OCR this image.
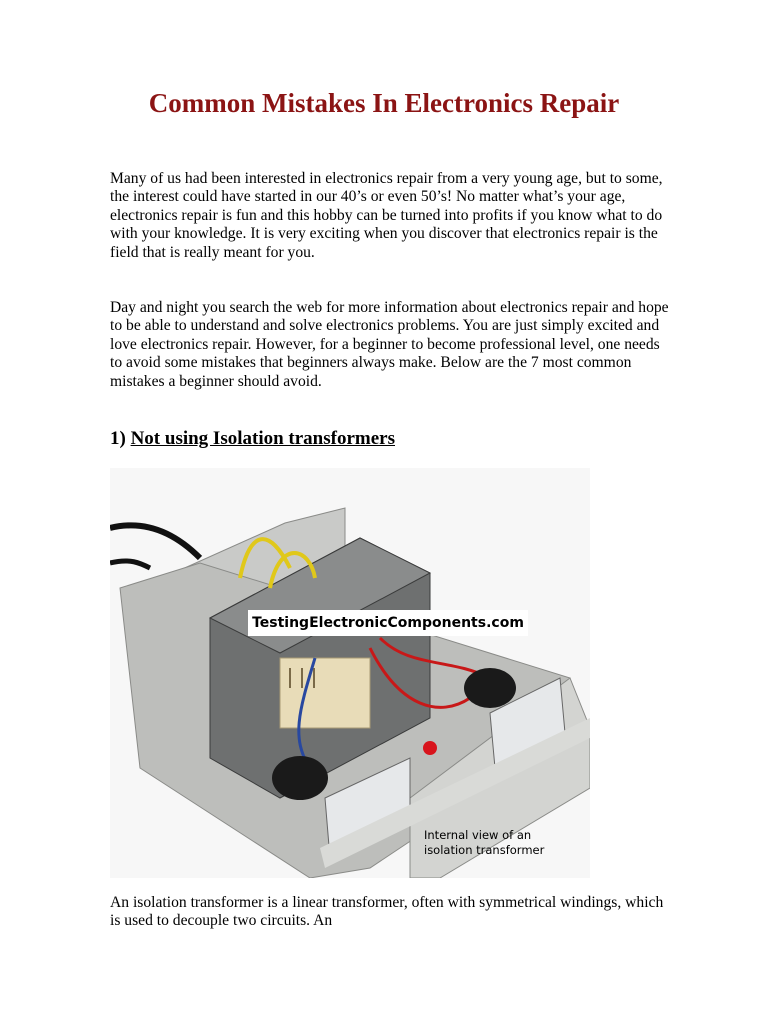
Common Mistakes In Electronics Repair

Many of us had been interested in electronics repair from a very young age, but to some, the interest could have started in our 40’s or even 50’s! No matter what’s your age, electronics repair is fun and this hobby can be turned into profits if you know what to do with your knowledge. It is very exciting when you discover that electronics repair is the field that is really meant for you.

Day and night you search the web for more information about electronics repair and hope to be able to understand and solve electronics problems. You are just simply excited and love electronics repair. However, for a beginner to become professional level, one needs to avoid some mistakes that beginners always make. Below are the 7 most common mistakes a beginner should avoid.

1) Not using Isolation transformers
TestingElectronicComponents.com
Internal view of an isolation transformer

An isolation transformer is a linear transformer, often with symmetrical windings, which is used to decouple two circuits. An
